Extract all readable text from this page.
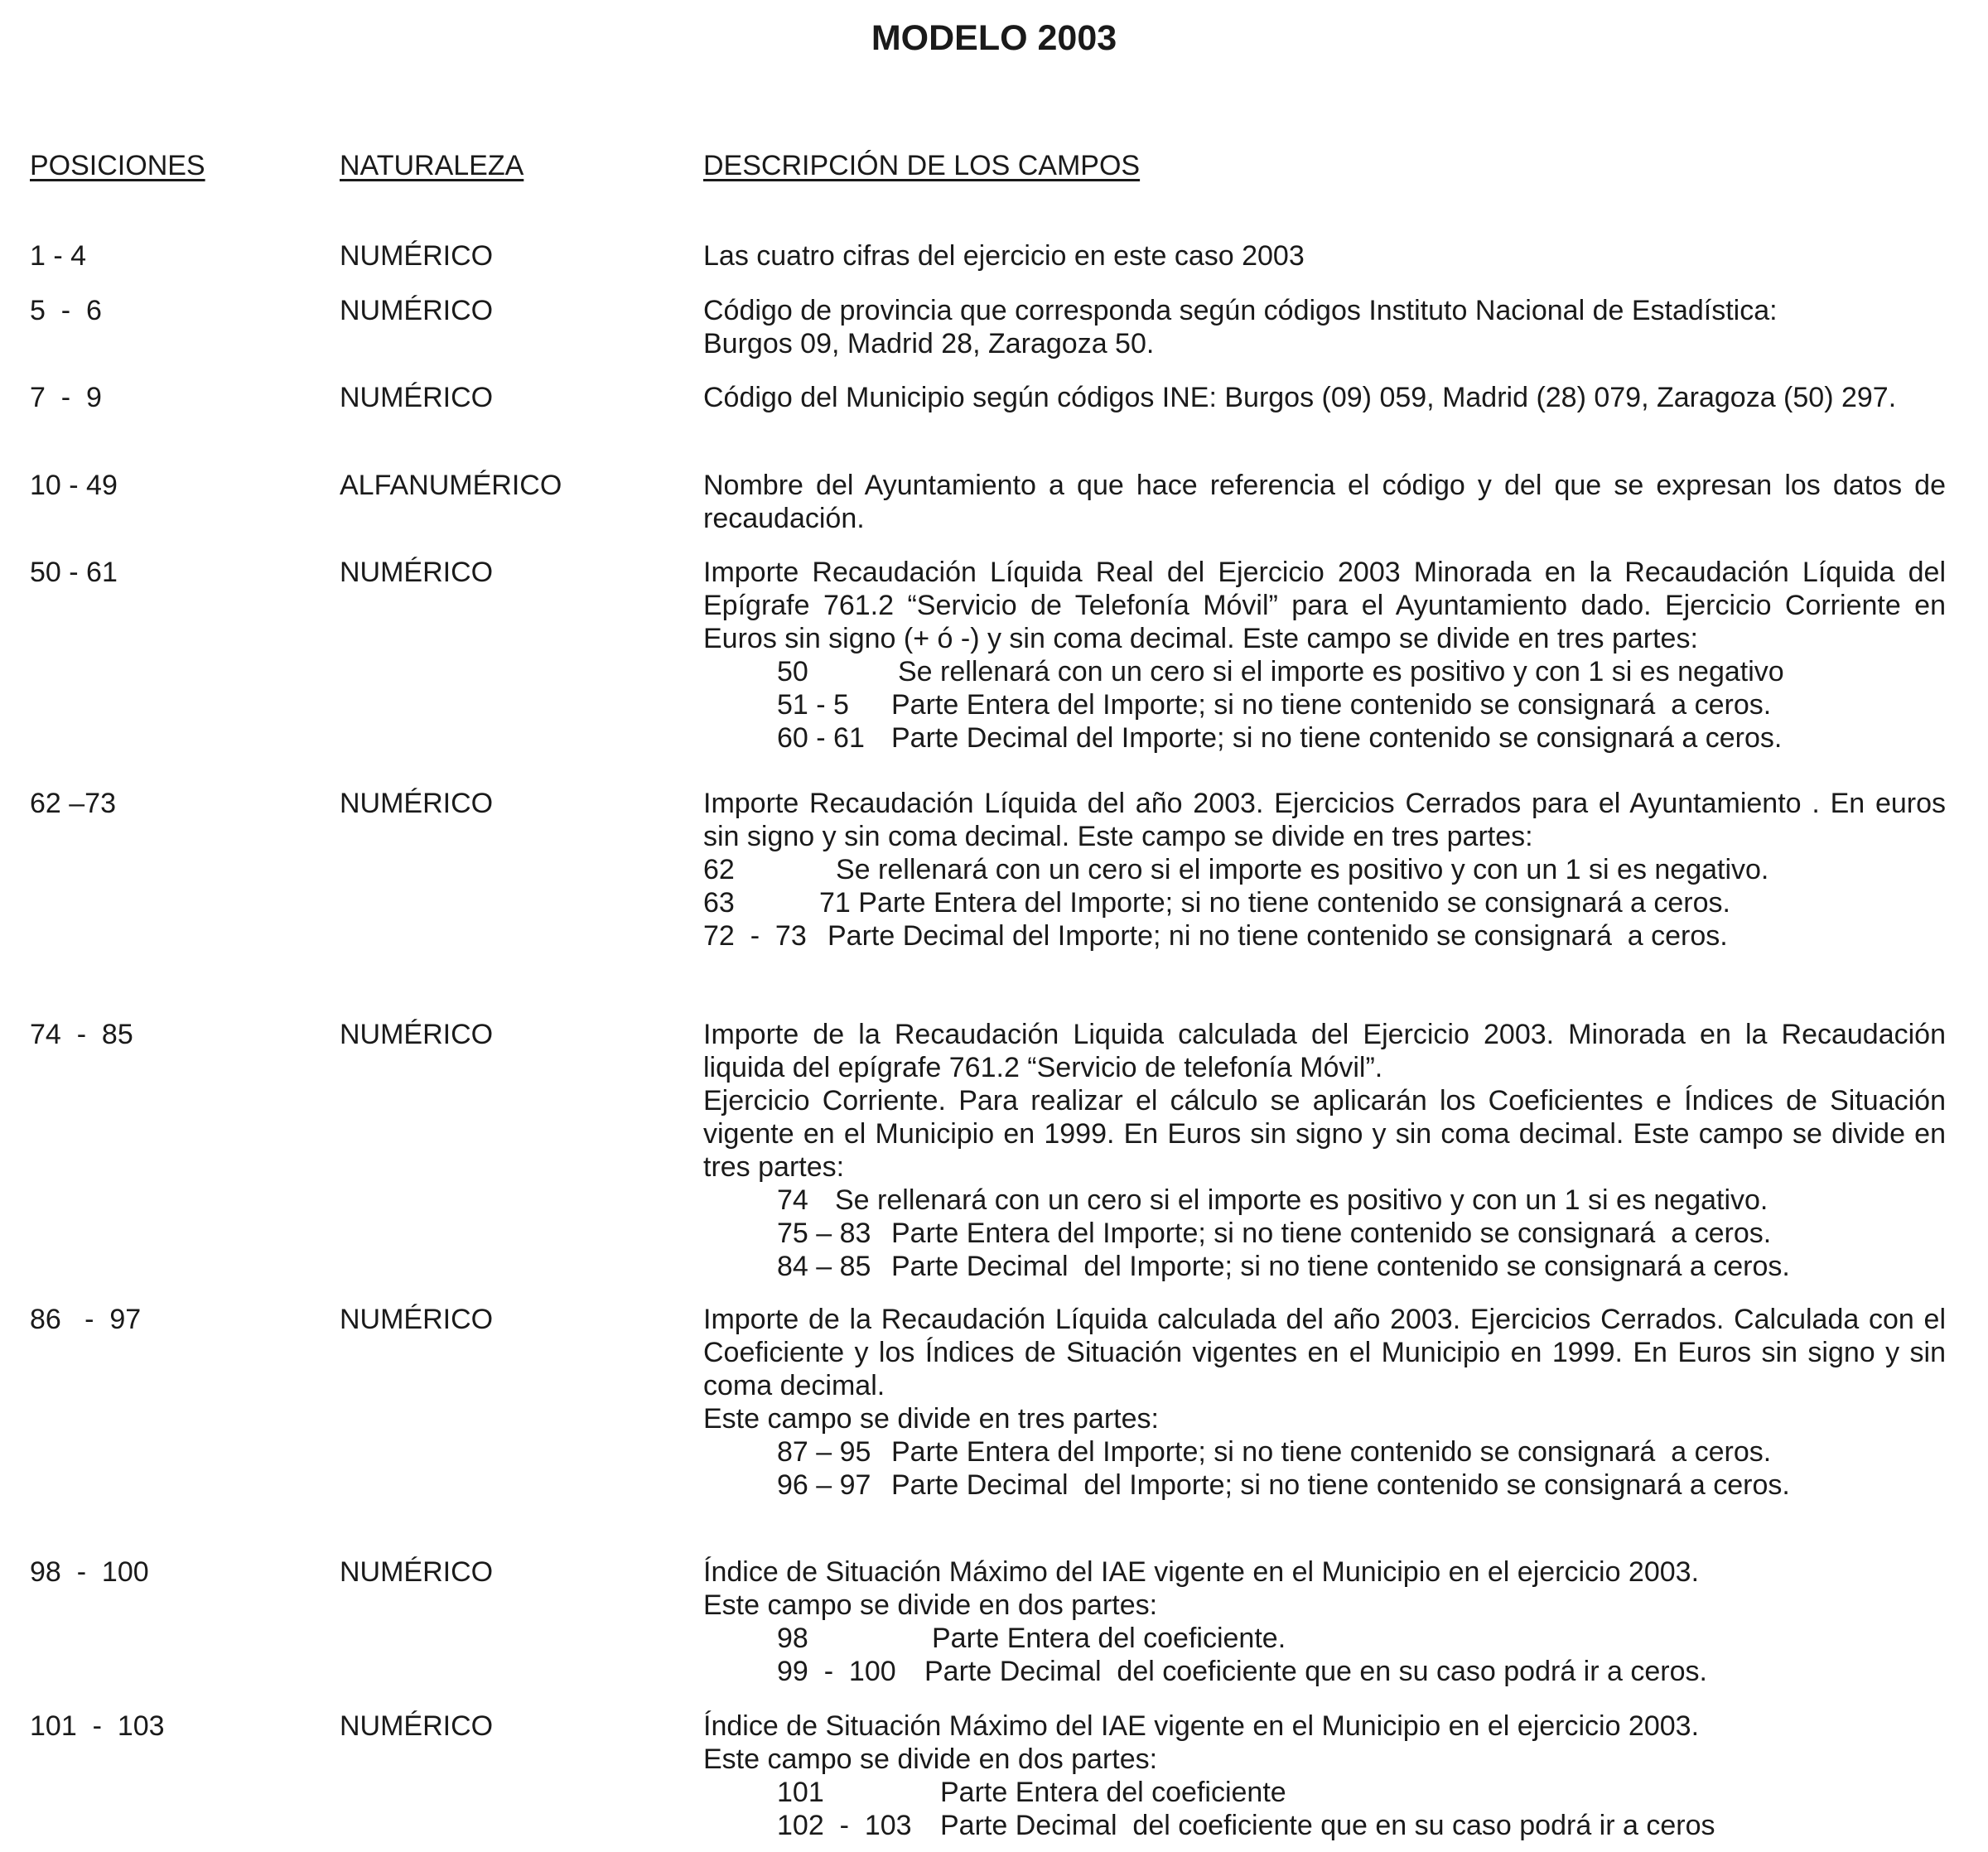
MODELO 2003
POSICIONES	NATURALEZA	DESCRIPCIÓN DE LOS CAMPOS
1 - 4	NUMÉRICO	Las cuatro cifras del ejercicio en este caso 2003
5  -  6	NUMÉRICO	Código de provincia que corresponda según códigos Instituto Nacional de Estadística:
Burgos 09, Madrid 28, Zaragoza 50.
7  -  9	NUMÉRICO	Código del Municipio según códigos INE: Burgos (09) 059, Madrid (28) 079, Zaragoza (50) 297.
10 - 49	ALFANUMÉRICO	Nombre del Ayuntamiento a que hace referencia el código y del que se expresan los datos de recaudación.
50 - 61	NUMÉRICO	Importe Recaudación Líquida Real del Ejercicio 2003 Minorada en la Recaudación Líquida del Epígrafe 761.2 “Servicio de Telefonía Móvil” para el Ayuntamiento dado. Ejercicio Corriente en Euros sin signo (+ ó -) y sin coma decimal. Este campo se divide en tres partes:
50	Se rellenará con un cero si el importe es positivo y con 1 si es negativo
51 - 5	Parte Entera del Importe; si no tiene contenido se consignará  a ceros.
60 - 61 Parte Decimal del Importe; si no tiene contenido se consignará a ceros.
62 –73	NUMÉRICO	Importe Recaudación Líquida del año 2003. Ejercicios Cerrados para el Ayuntamiento . En euros sin signo y sin coma decimal. Este campo se divide en tres partes:
62	Se rellenará con un cero si el importe es positivo y con un 1 si es negativo.
63	71 Parte Entera del Importe; si no tiene contenido se consignará a ceros.
72  -  73 Parte Decimal del Importe; ni no tiene contenido se consignará  a ceros.
74  -  85	NUMÉRICO	Importe de la Recaudación Liquida calculada del Ejercicio 2003. Minorada en la Recaudación liquida del epígrafe 761.2 “Servicio de telefonía Móvil”.
Ejercicio Corriente. Para realizar el cálculo se aplicarán los Coeficientes e Índices de Situación vigente en el Municipio en 1999. En Euros sin signo y sin coma decimal. Este campo se divide en tres partes:
74 Se rellenará con un cero si el importe es positivo y con un 1 si es negativo.
75 – 83 Parte Entera del Importe; si no tiene contenido se consignará  a ceros.
84 – 85 Parte Decimal  del Importe; si no tiene contenido se consignará a ceros.
86   -  97	NUMÉRICO	Importe de la Recaudación Líquida calculada del año 2003. Ejercicios Cerrados. Calculada con el Coeficiente y los Índices de Situación vigentes en el Municipio en 1999. En Euros sin signo y sin coma decimal.
Este campo se divide en tres partes:
87 – 95 Parte Entera del Importe; si no tiene contenido se consignará  a ceros.
96 – 97 Parte Decimal  del Importe; si no tiene contenido se consignará a ceros.
98  -  100	NUMÉRICO	Índice de Situación Máximo del IAE vigente en el Municipio en el ejercicio 2003.
Este campo se divide en dos partes:
98	Parte Entera del coeficiente.
99  -  100	Parte Decimal  del coeficiente que en su caso podrá ir a ceros.
101  -  103	NUMÉRICO	Índice de Situación Máximo del IAE vigente en el Municipio en el ejercicio 2003.
Este campo se divide en dos partes:
101	Parte Entera del coeficiente
102  -  103	Parte Decimal  del coeficiente que en su caso podrá ir a ceros
